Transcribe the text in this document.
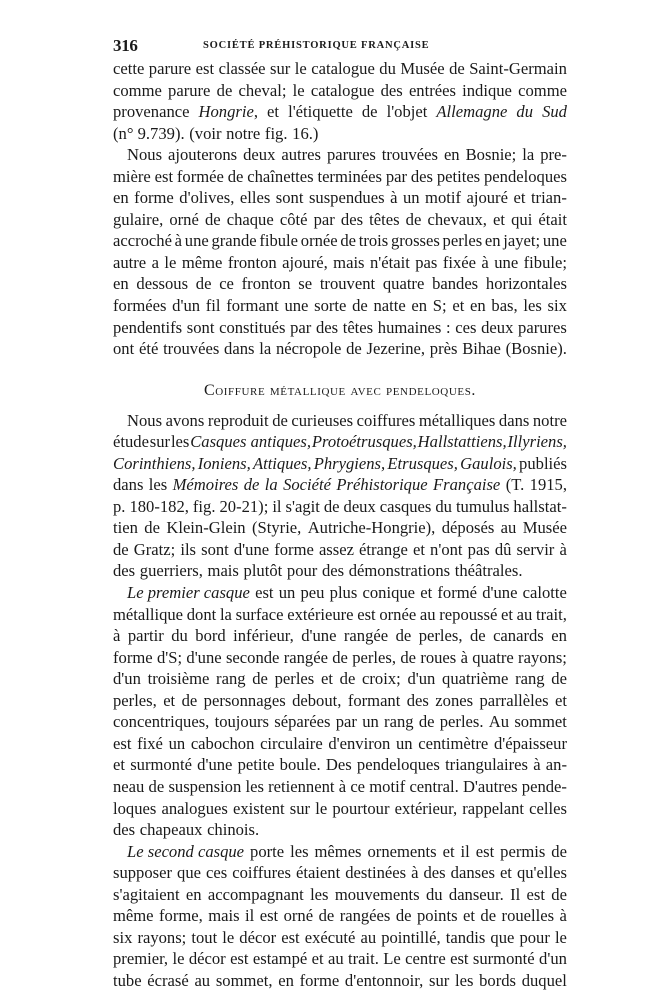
316	SOCIÉTÉ PRÉHISTORIQUE FRANÇAISE
cette parure est classée sur le catalogue du Musée de Saint-Germain
comme parure de cheval; le catalogue des entrées indique comme
provenance Hongrie, et l'étiquette de l'objet Allemagne du Sud
(n° 9.739). (voir notre fig. 16.)
Nous ajouterons deux autres parures trouvées en Bosnie; la pre-
mière est formée de chaînettes terminées par des petites pendeloques
en forme d'olives, elles sont suspendues à un motif ajouré et trian-
gulaire, orné de chaque côté par des têtes de chevaux, et qui était
accroché à une grande fibule ornée de trois grosses perles en jayet; une
autre a le même fronton ajouré, mais n'était pas fixée à une fibule;
en dessous de ce fronton se trouvent quatre bandes horizontales
formées d'un fil formant une sorte de natte en S; et en bas, les six
pendentifs sont constitués par des têtes humaines : ces deux parures
ont été trouvées dans la nécropole de Jezerine, près Bihae (Bosnie).
Coiffure métallique avec pendeloques.
Nous avons reproduit de curieuses coiffures métalliques dans notre
étude sur les Casques antiques, Protoétrusques, Hallstattiens, Illyriens,
Corinthiens, Ioniens, Attiques, Phrygiens, Etrusques, Gaulois, publiés
dans les Mémoires de la Société Préhistorique Française (T. 1915,
p. 180-182, fig. 20-21); il s'agit de deux casques du tumulus hallstat-
tien de Klein-Glein (Styrie, Autriche-Hongrie), déposés au Musée
de Gratz; ils sont d'une forme assez étrange et n'ont pas dû servir à
des guerriers, mais plutôt pour des démonstrations théâtrales.
Le premier casque est un peu plus conique et formé d'une calotte
métallique dont la surface extérieure est ornée au repoussé et au trait,
à partir du bord inférieur, d'une rangée de perles, de canards en
forme d'S; d'une seconde rangée de perles, de roues à quatre rayons;
d'un troisième rang de perles et de croix; d'un quatrième rang de
perles, et de personnages debout, formant des zones parrallèles et
concentriques, toujours séparées par un rang de perles. Au sommet
est fixé un cabochon circulaire d'environ un centimètre d'épaisseur
et surmonté d'une petite boule. Des pendeloques triangulaires à an-
neau de suspension les retiennent à ce motif central. D'autres pende-
loques analogues existent sur le pourtour extérieur, rappelant celles
des chapeaux chinois.
Le second casque porte les mêmes ornements et il est permis de
supposer que ces coiffures étaient destinées à des danses et qu'elles
s'agitaient en accompagnant les mouvements du danseur. Il est de
même forme, mais il est orné de rangées de points et de rouelles à
six rayons; tout le décor est exécuté au pointillé, tandis que pour le
premier, le décor est estampé et au trait. Le centre est surmonté d'un
tube écrasé au sommet, en forme d'entonnoir, sur les bords duquel
